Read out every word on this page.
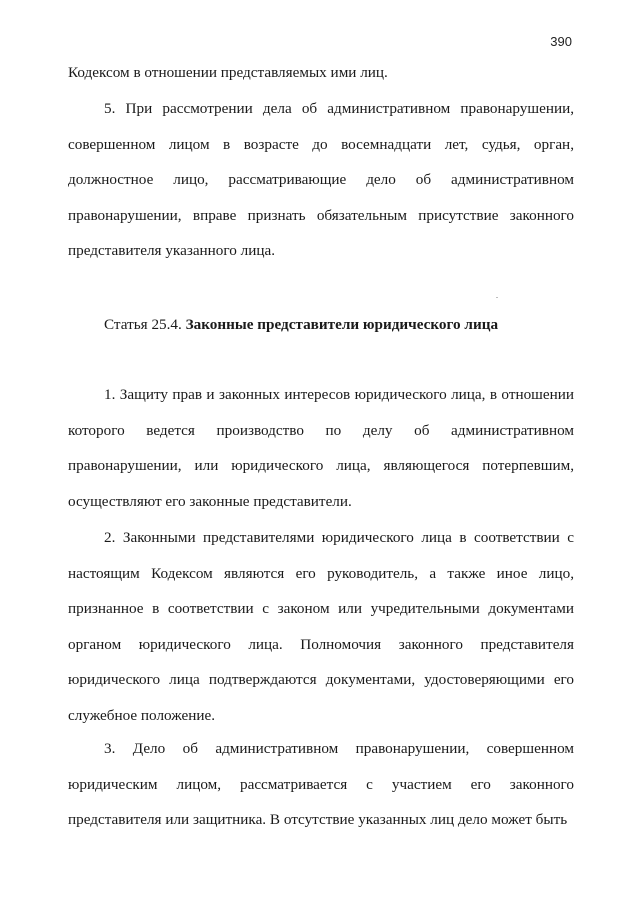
390

Кодексом в отношении представляемых ими лиц.

5. При рассмотрении дела об административном правонарушении, совершенном лицом в возрасте до восемнадцати лет, судья, орган, должностное лицо, рассматривающие дело об административном правонарушении, вправе признать обязательным присутствие законного представителя указанного лица.

Статья 25.4. Законные представители юридического лица

1. Защиту прав и законных интересов юридического лица, в отношении которого ведется производство по делу об административном правонарушении, или юридического лица, являющегося потерпевшим, осуществляют его законные представители.

2. Законными представителями юридического лица в соответствии с настоящим Кодексом являются его руководитель, а также иное лицо, признанное в соответствии с законом или учредительными документами органом юридического лица. Полномочия законного представителя юридического лица подтверждаются документами, удостоверяющими его служебное положение.

3. Дело об административном правонарушении, совершенном юридическим лицом, рассматривается с участием его законного представителя или защитника. В отсутствие указанных лиц дело может быть
